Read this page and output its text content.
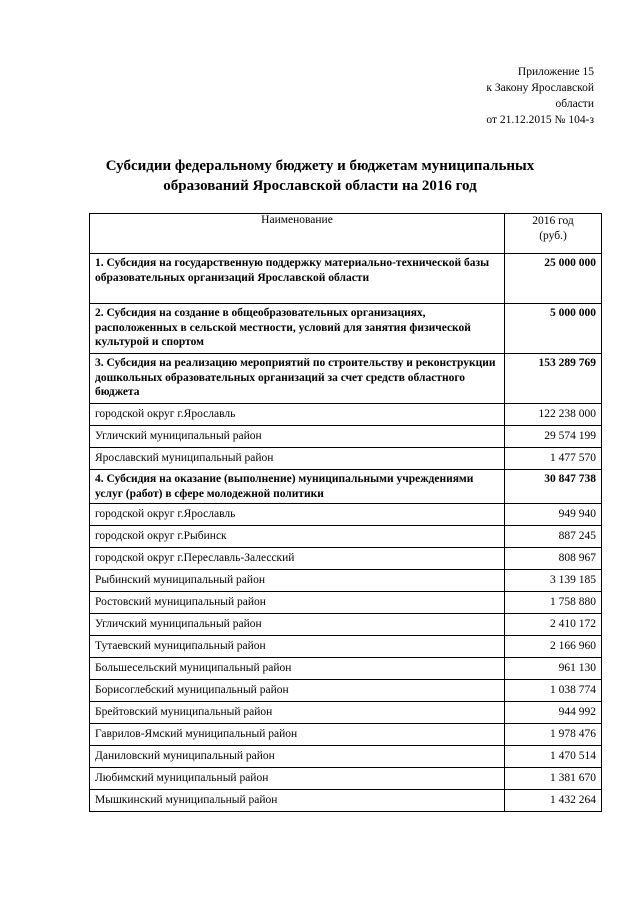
Приложение 15
к Закону Ярославской
области
от 21.12.2015 № 104-з
Субсидии федеральному бюджету и бюджетам муниципальных
образований Ярославской области на 2016 год
Наименование	2016 год
(руб.)

1. Субсидия на государственную поддержку материально-технической базы образовательных организаций Ярославской области	25 000 000
2. Субсидия на создание в общеобразовательных организациях, расположенных в сельской местности, условий для занятия физической культурой и спортом	5 000 000
3. Субсидия на реализацию мероприятий по строительству и реконструкции дошкольных образовательных организаций за счет средств областного бюджета	153 289 769
городской округ г.Ярославль	122 238 000
Угличский муниципальный район	29 574 199
Ярославский муниципальный район	1 477 570
4. Субсидия на оказание (выполнение) муниципальными учреждениями услуг (работ) в сфере молодежной политики	30 847 738
городской округ г.Ярославль	949 940
городской округ г.Рыбинск	887 245
городской округ г.Переславль-Залесский	808 967
Рыбинский муниципальный район	3 139 185
Ростовский муниципальный район	1 758 880
Угличский муниципальный район	2 410 172
Тутаевский муниципальный район	2 166 960
Большесельский муниципальный район	961 130
Борисоглебский муниципальный район	1 038 774
Брейтовский муниципальный район	944 992
Гаврилов-Ямский муниципальный район	1 978 476
Даниловский муниципальный район	1 470 514
Любимский муниципальный район	1 381 670
Мышкинский муниципальный район	1 432 264
